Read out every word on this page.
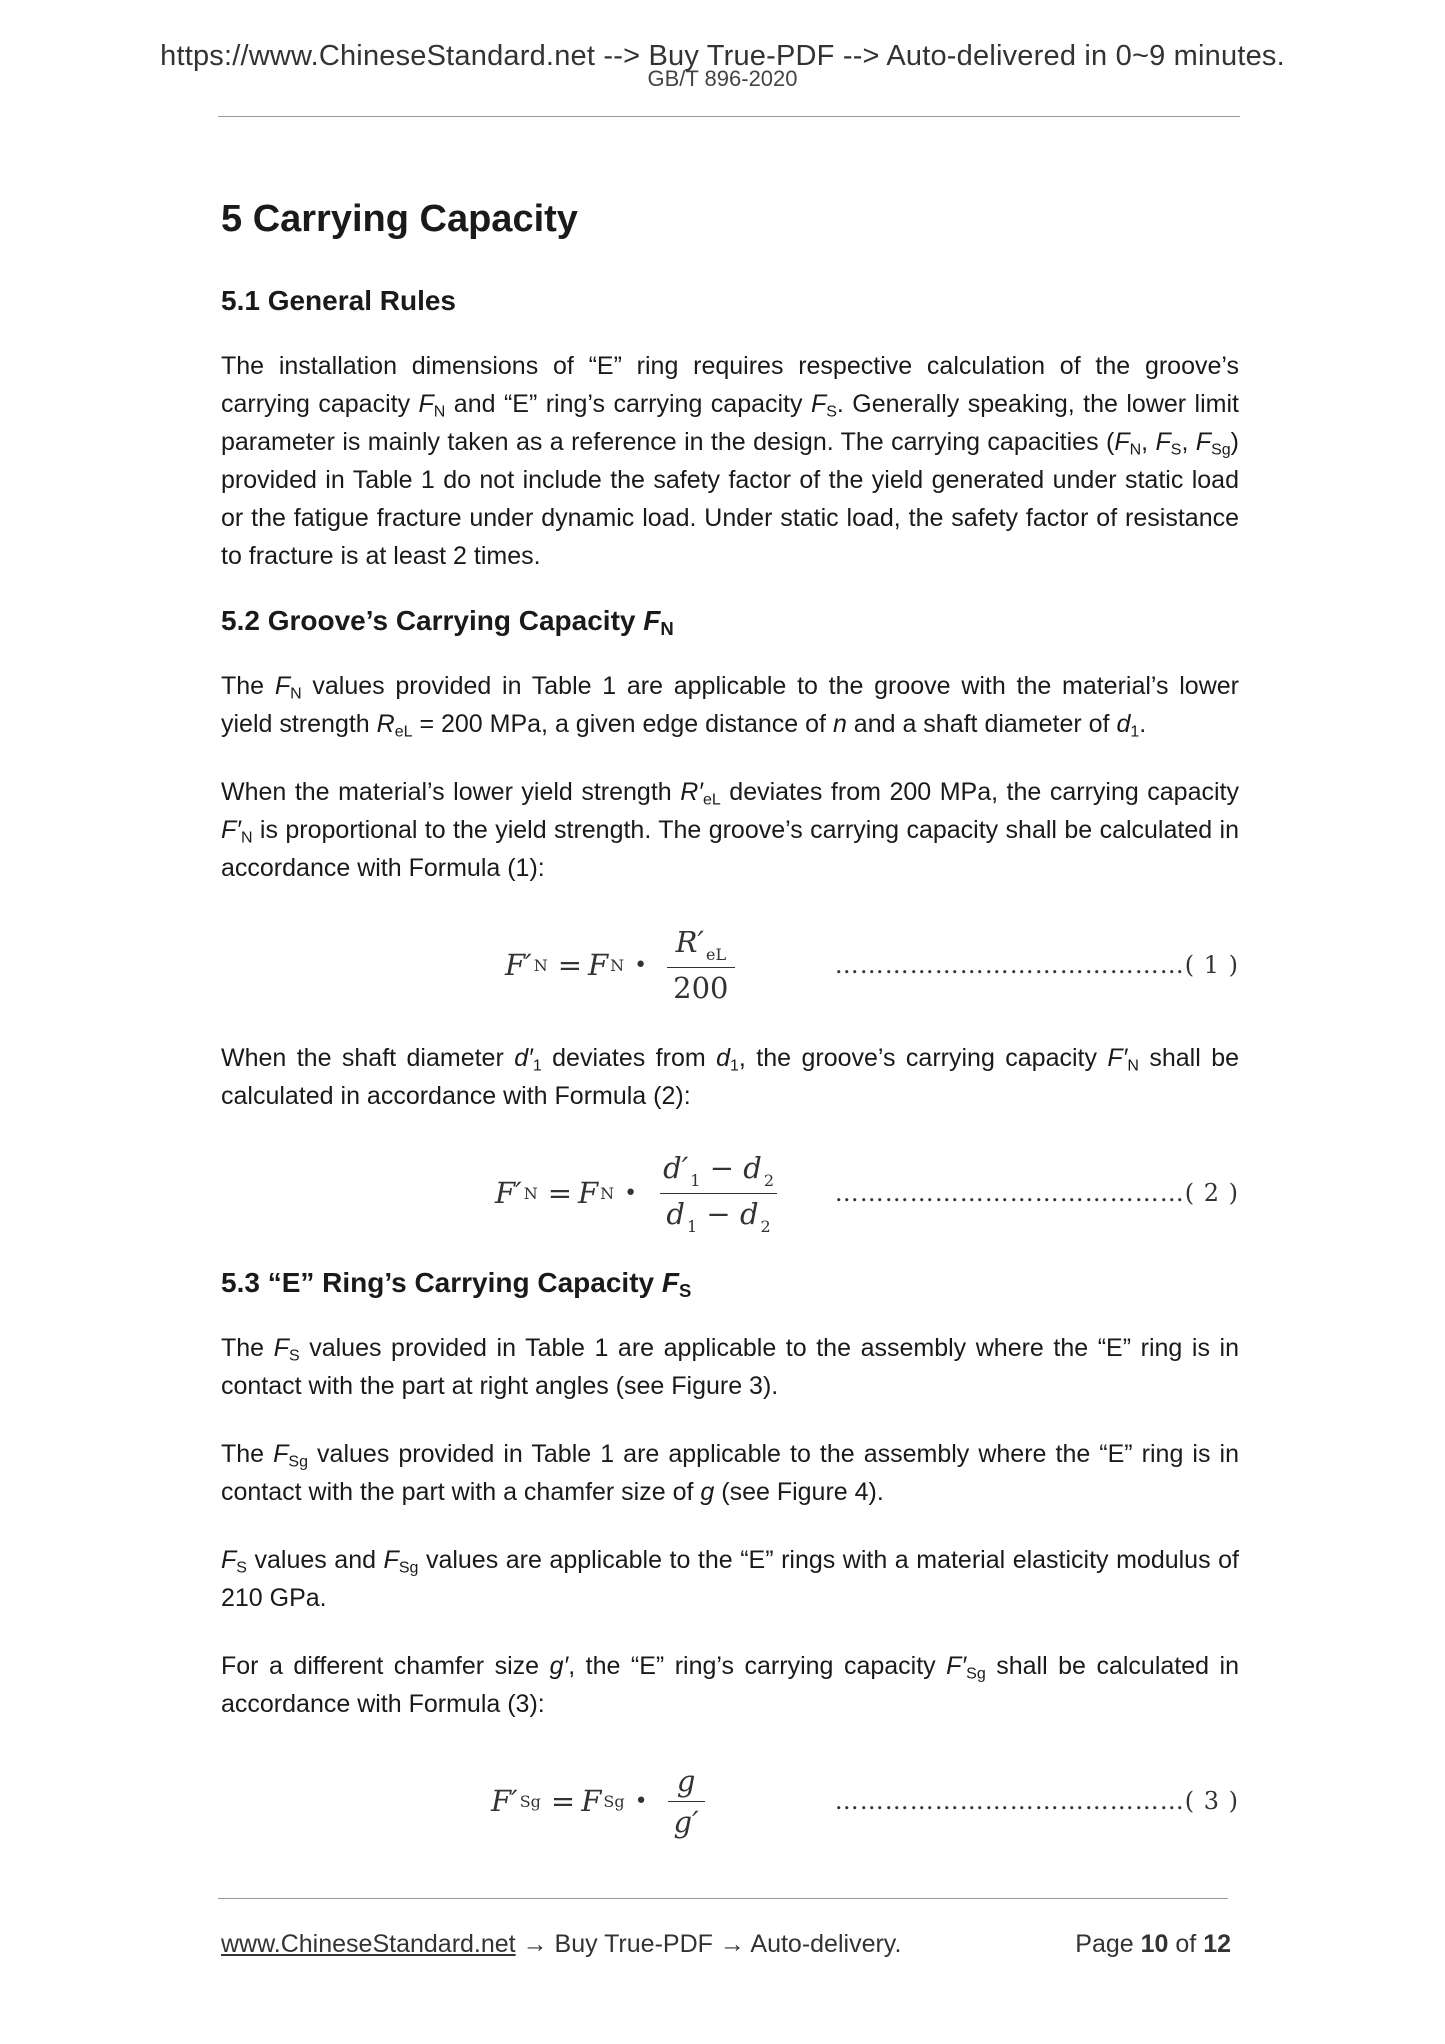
https://www.ChineseStandard.net --> Buy True-PDF --> Auto-delivered in 0~9 minutes.
GB/T 896-2020
5 Carrying Capacity
5.1 General Rules

The installation dimensions of “E” ring requires respective calculation of the groove’s carrying capacity $F_N$ and “E” ring’s carrying capacity $F_S$. Generally speaking, the lower limit parameter is mainly taken as a reference in the design. The carrying capacities ($F_N$, $F_S$, $F_{Sg}$) provided in Table 1 do not include the safety factor of the yield generated under static load or the fatigue fracture under dynamic load. Under static load, the safety factor of resistance to fracture is at least 2 times.

5.2 Groove’s Carrying Capacity $F_N$

The $F_N$ values provided in Table 1 are applicable to the groove with the material’s lower yield strength $R_{eL} = 200$ MPa, a given edge distance of n and a shaft diameter of $d_1$.

When the material’s lower yield strength $R'_{eL}$ deviates from 200 MPa, the carrying capacity $F'_N$ is proportional to the yield strength. The groove’s carrying capacity shall be calculated in accordance with Formula (1):

F′ N = F N • $\frac{R' _{eL}}{200}$	……………………………………( 1 )

When the shaft diameter $d'_1$ deviates from $d_1$, the groove’s carrying capacity $F'_N$ shall be calculated in accordance with Formula (2):

F′ N = F N • $\frac{d' _1 - d _2}{d _1 - d _2}$ ……………………………………( 2 )
5.3 “E” Ring’s Carrying Capacity $F_S$

The $F_S$ values provided in Table 1 are applicable to the assembly where the “E” ring is in contact with the part at right angles (see Figure 3).

The $F_{Sg}$ values provided in Table 1 are applicable to the assembly where the “E” ring is in contact with the part with a chamfer size of g (see Figure 4).

$F_S$ values and $F_{Sg}$ values are applicable to the “E” rings with a material elasticity modulus of 210 GPa.

For a different chamfer size g′, the “E” ring’s carrying capacity $F'_{Sg}$ shall be calculated in accordance with Formula (3):

F′ Sg = F Sg • $\frac{g}{g'}$	……………………………………( 3 )
www.ChineseStandard.net → Buy True-PDF → Auto-delivery.	Page 10 of 12
